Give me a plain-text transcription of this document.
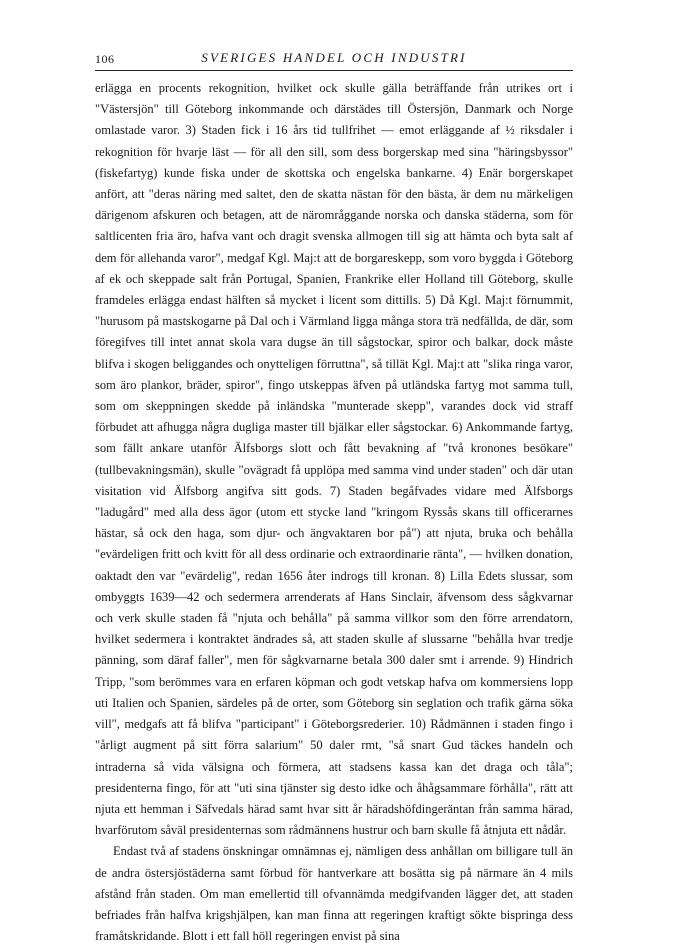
106	SVERIGES HANDEL OCH INDUSTRI

erlägga en procents rekognition, hvilket ock skulle gälla beträffande från utrikes ort i "Västersjön" till Göteborg inkommande och därstädes till Östersjön, Danmark och Norge omlastade varor. 3) Staden fick i 16 års tid tullfrihet — emot erläggande af ½ riksdaler i rekognition för hvarje läst — för all den sill, som dess borgerskap med sina "häringsbyssor" (fiskefartyg) kunde fiska under de skottska och engelska bankarne. 4) Enär borgerskapet anfört, att "deras näring med saltet, den de skatta nästan för den bästa, är dem nu märkeligen därigenom afskuren och betagen, att de närområggande norska och danska städerna, som för saltlicenten fria äro, hafva vant och dragit svenska allmogen till sig att hämta och byta salt af dem för allehanda varor", medgaf Kgl. Maj:t att de borgareskepp, som voro byggda i Göteborg af ek och skeppade salt från Portugal, Spanien, Frankrike eller Holland till Göteborg, skulle framdeles erlägga endast hälften så mycket i licent som dittills. 5) Då Kgl. Maj:t förnummit, "hurusom på mastskogarne på Dal och i Värmland ligga många stora trä nedfällda, de där, som föregifves till intet annat skola vara dugse än till sågstockar, spiror och balkar, dock måste blifva i skogen beliggandes och onytteligen förruttna", så tillät Kgl. Maj:t att "slika ringa varor, som äro plankor, bräder, spiror", fingo utskeppas äfven på utländska fartyg mot samma tull, som om skeppningen skedde på inländska "munterade skepp", varandes dock vid straff förbudet att afhugga några dugliga master till bjälkar eller sågstockar. 6) Ankommande fartyg, som fällt ankare utanför Älfsborgs slott och fått bevakning af "två kronones besökare" (tullbevakningsmän), skulle "ovägradt få upplöpa med samma vind under staden" och där utan visitation vid Älfsborg angifva sitt gods. 7) Staden begåfvades vidare med Älfsborgs "ladugård" med alla dess ägor (utom ett stycke land "kringom Ryssås skans till officerarnes hästar, så ock den haga, som djur- och ängvaktaren bor på") att njuta, bruka och behålla "evärdeligen fritt och kvitt för all dess ordinarie och extraordinarie ränta", — hvilken donation, oaktadt den var "evärdelig", redan 1656 åter indrogs till kronan. 8) Lilla Edets slussar, som ombyggts 1639—42 och sedermera arrenderats af Hans Sinclair, äfvensom dess sågkvarnar och verk skulle staden få "njuta och behålla" på samma villkor som den förre arrendatorn, hvilket sedermera i kontraktet ändrades så, att staden skulle af slussarne "behålla hvar tredje pänning, som däraf faller", men för sågkvarnarne betala 300 daler smt i arrende. 9) Hindrich Tripp, "som berömmes vara en erfaren köpman och godt vetskap hafva om kommersiens lopp uti Italien och Spanien, särdeles på de orter, som Göteborg sin seglation och trafik gärna söka vill", medgafs att få blifva "participant" i Göteborgsrederier. 10) Rådmännen i staden fingo i "årligt augment på sitt förra salarium" 50 daler rmt, "så snart Gud täckes handeln och intraderna så vida välsigna och förmera, att stadsens kassa kan det draga och tåla"; presidenterna fingo, för att "uti sina tjänster sig desto idke och åhågsammare förhålla", rätt att njuta ett hemman i Säfvedals härad samt hvar sitt år häradshöfdingeräntan från samma härad, hvarförutom såväl presidenternas som rådmännens hustrur och barn skulle få åtnjuta ett nådår.

Endast två af stadens önskningar omnämnas ej, nämligen dess anhållan om billigare tull än de andra östersjöstäderna samt förbud för hantverkare att bosätta sig på närmare än 4 mils afstånd från staden. Om man emellertid till ofvannämda medgifvanden lägger det, att staden befriades från halfva krigshjälpen, kan man finna att regeringen kraftigt sökte bispringa dess framåtskridande. Blott i ett fall höll regeringen envist på sina
